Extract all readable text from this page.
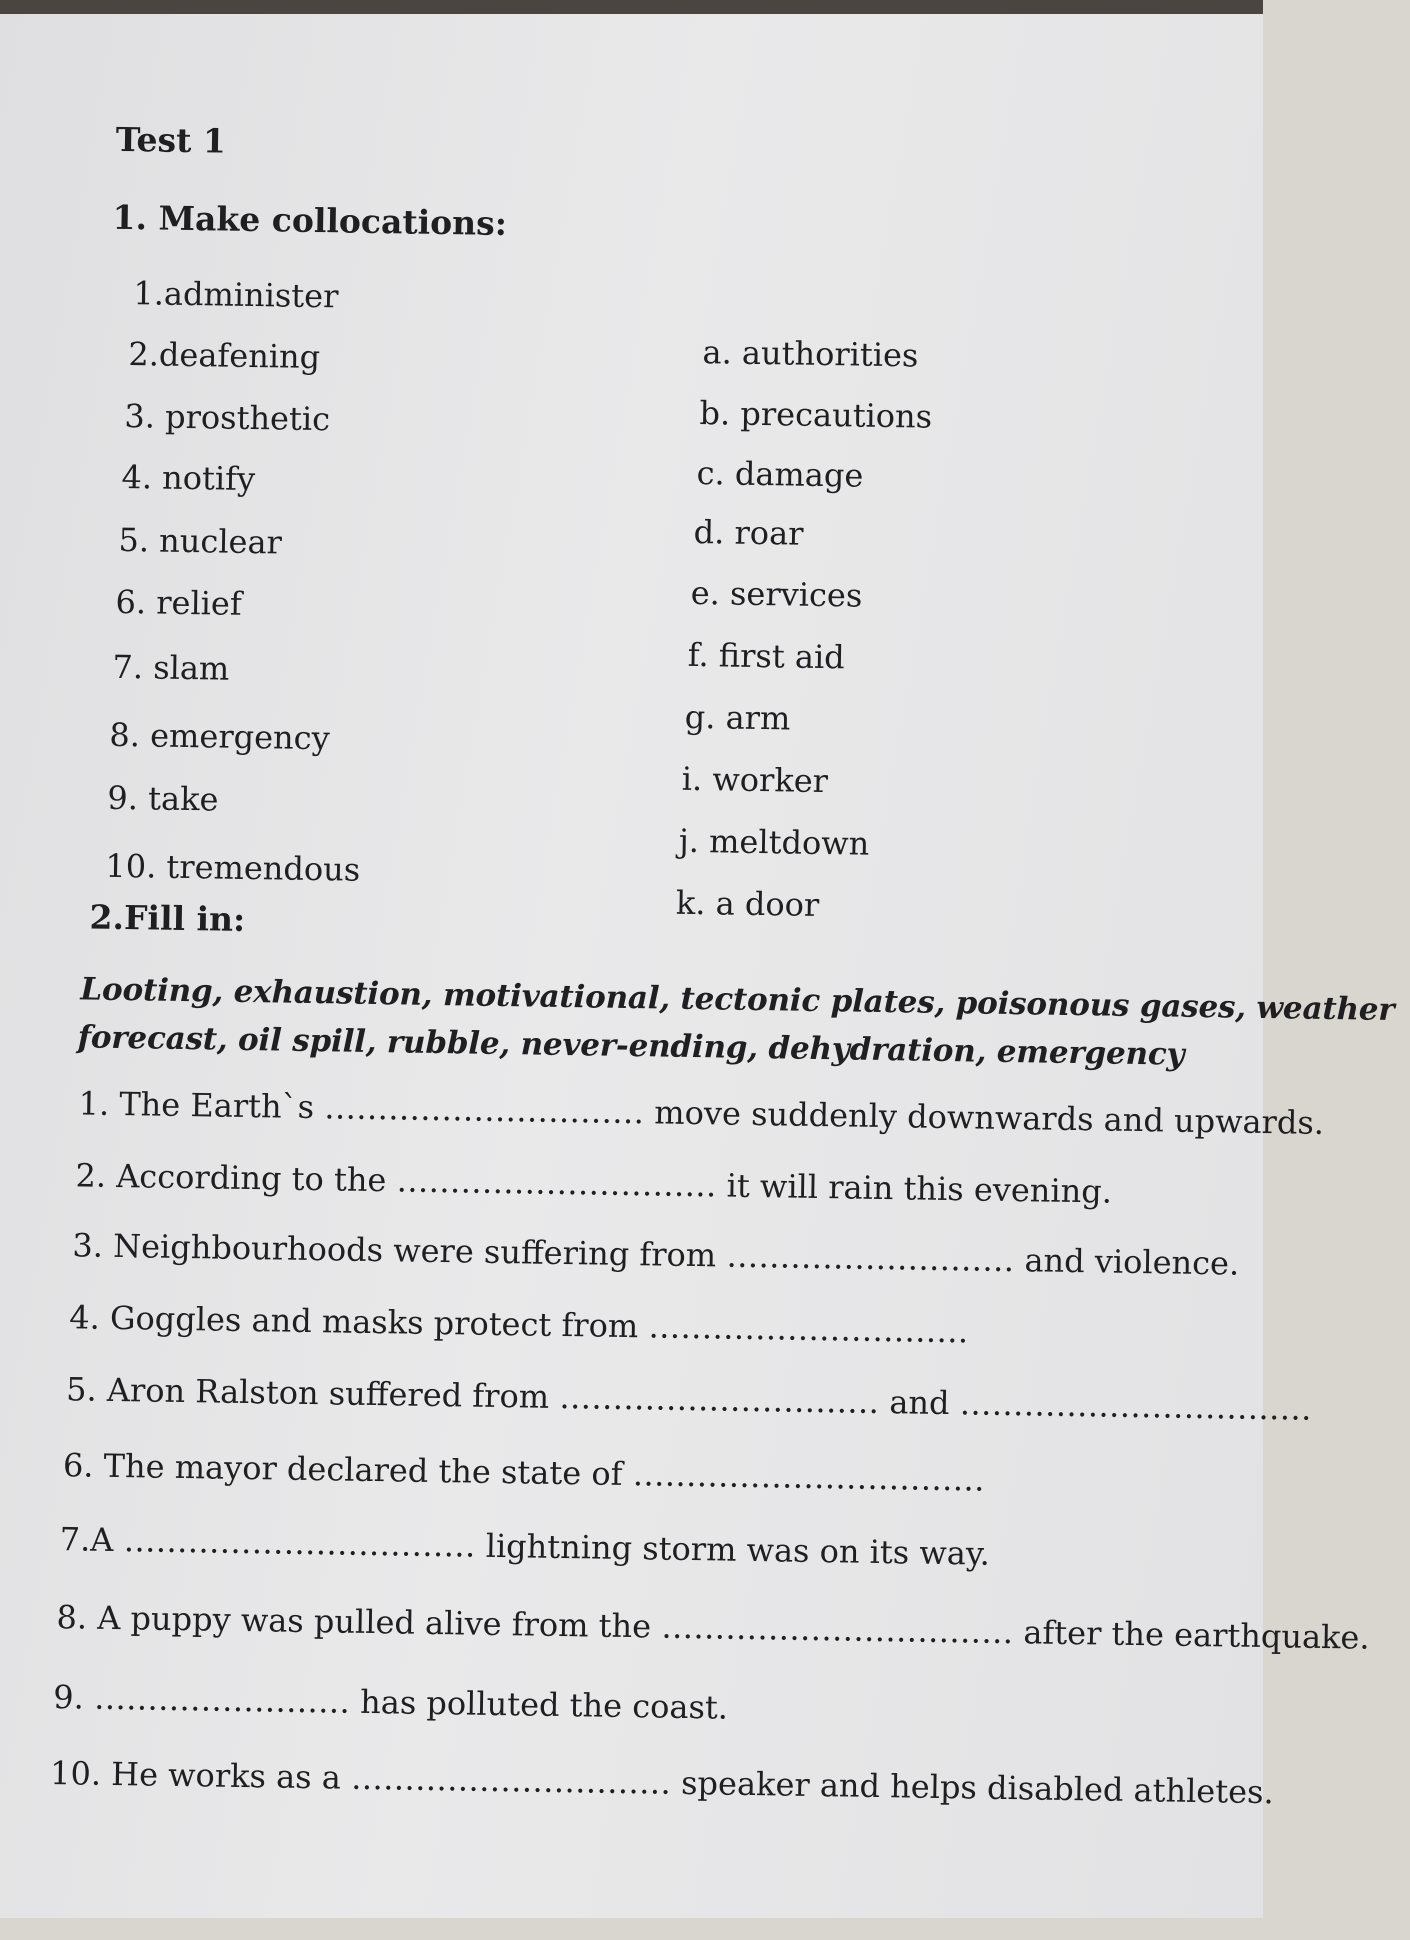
Test 1
1. Make collocations:
1.administer
2.deafening
3. prosthetic
4. notify
5. nuclear
6. relief
7. slam
8. emergency
9. take
10. tremendous
a. authorities
b. precautions
c. damage
d. roar
e. services
f. first aid
g. arm
i. worker
j. meltdown
k. a door
2.Fill in:
Looting, exhaustion, motivational, tectonic plates, poisonous gases, weather
forecast, oil spill, rubble, never-ending, dehydration, emergency
1. The Earth`s ………………………… move suddenly downwards and upwards.
2. According to the ………………………… it will rain this evening.
3. Neighbourhoods were suffering from ……………………… and violence.
4. Goggles and masks protect from …………………………
5. Aron Ralston suffered from ………………………… and ……………………………
6. The mayor declared the state of ……………………………
7.A …………………………… lightning storm was on its way.
8. A puppy was pulled alive from the …………………………… after the earthquake.
9. …………………… has polluted the coast.
10. He works as a ………………………… speaker and helps disabled athletes.
